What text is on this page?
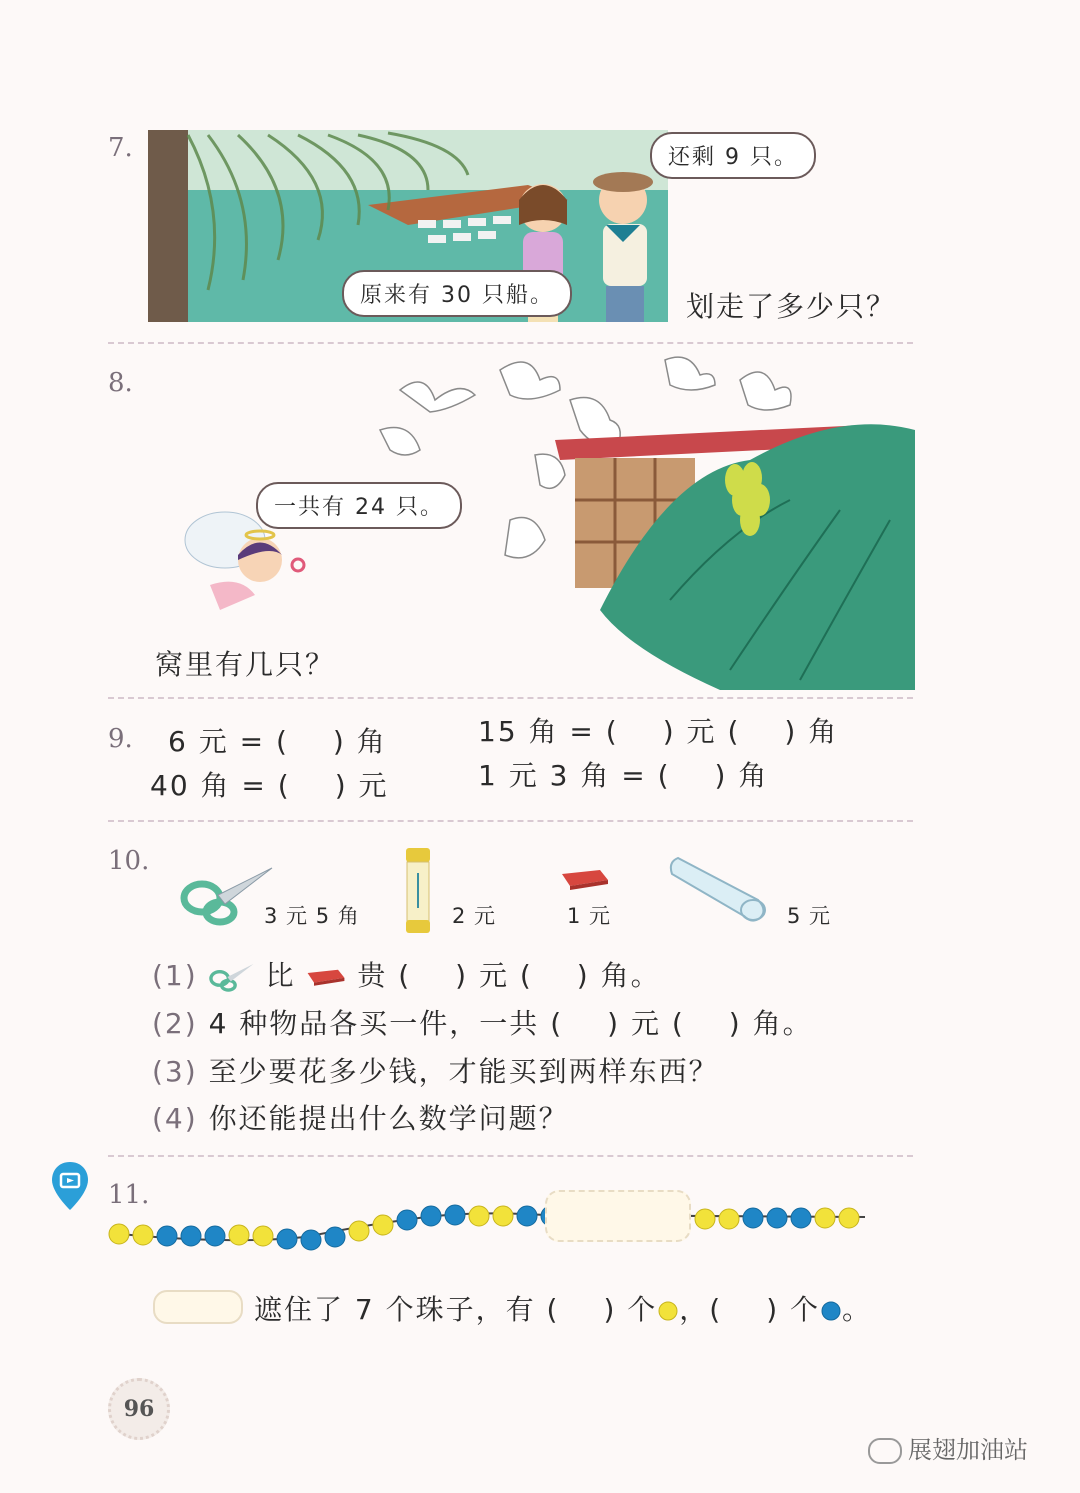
7.	还剩 9 只。
原来有 30 只船。	划走了多少只？
8.
一共有 24 只。
窝里有几只？
9. 6 元 = ( ) 角
40 角 = ( ) 元
15 角 = ( ) 元 ( ) 角
1 元 3 角 = ( ) 角
10.
3 元 5 角	2 元	1 元	5 元
(1) 比 贵 ( ) 元 ( ) 角。
(2) 4 种物品各买一件，一共 ( ) 元 ( ) 角。
(3) 至少要花多少钱，才能买到两样东西？
(4) 你还能提出什么数学问题？
11.
遮住了 7 个珠子，有 ( ) 个 ，( ) 个 。
96
展翅加油站
